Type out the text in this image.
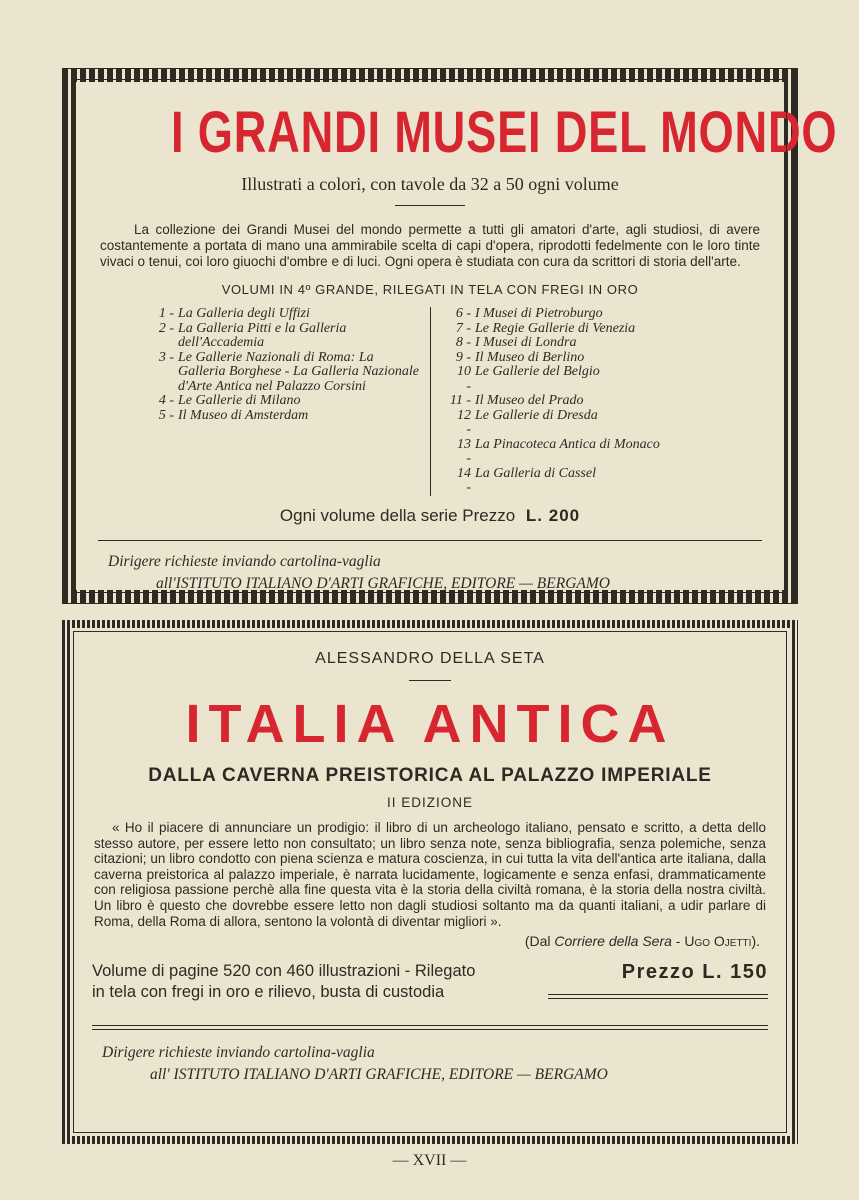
I GRANDI MUSEI DEL MONDO
Illustrati a colori, con tavole da 32 a 50 ogni volume

La collezione dei Grandi Musei del mondo permette a tutti gli amatori d'arte, agli studiosi, di avere costantemente a portata di mano una ammirabile scelta di capi d'opera, riprodotti fedelmente con le loro tinte vivaci o tenui, coi loro giuochi d'ombre e di luci. Ogni opera è studiata con cura da scrittori di storia dell'arte.

VOLUMI IN 4º GRANDE, RILEGATI IN TELA CON FREGI IN ORO
1 - La Galleria degli Uffizi
2 - La Galleria Pitti e la Galleria dell'Accademia
3 - Le Gallerie Nazionali di Roma: La Galleria Borghese - La Galleria Nazionale d'Arte Antica nel Palazzo Corsini
4 - Le Gallerie di Milano
5 - Il Museo di Amsterdam
6 - I Musei di Pietroburgo
7 - Le Regie Gallerie di Venezia
8 - I Musei di Londra
9 - Il Museo di Berlino
10 -
Le Gallerie del Belgio
11 - Il Museo del Prado
12 -
Le Gallerie di Dresda
13 -
La Pinacoteca Antica di Monaco
14 -
La Galleria di Cassel
Ogni volume della serie Prezzo L. 200
Dirigere richieste inviando cartolina-vaglia
all'ISTITUTO ITALIANO D'ARTI GRAFICHE, EDITORE — BERGAMO
ALESSANDRO DELLA SETA
ITALIA ANTICA
DALLA CAVERNA PREISTORICA AL PALAZZO IMPERIALE
II EDIZIONE

« Ho il piacere di annunciare un prodigio: il libro di un archeologo italiano, pensato e scritto, a detta dello stesso autore, per essere letto non consultato; un libro senza note, senza bibliografia, senza polemiche, senza citazioni; un libro condotto con piena scienza e matura coscienza, in cui tutta la vita dell'antica arte italiana, dalla caverna preistorica al palazzo imperiale, è narrata lucidamente, logicamente e senza enfasi, drammaticamente con religiosa passione perchè alla fine questa vita è la storia della civiltà romana, è la storia della nostra civiltà. Un libro è questo che dovrebbe essere letto non dagli studiosi soltanto ma da quanti italiani, a udir parlare di Roma, della Roma di allora, sentono la volontà di diventar migliori ».

(Dal Corriere della Sera - Ugo Ojetti).
Volume di pagine 520 con 460 illustrazioni - Rilegato
in tela con fregi in oro e rilievo, busta di custodia
Prezzo L. 150
Dirigere richieste inviando cartolina-vaglia
all' ISTITUTO ITALIANO D'ARTI GRAFICHE, EDITORE — BERGAMO
— XVII —
